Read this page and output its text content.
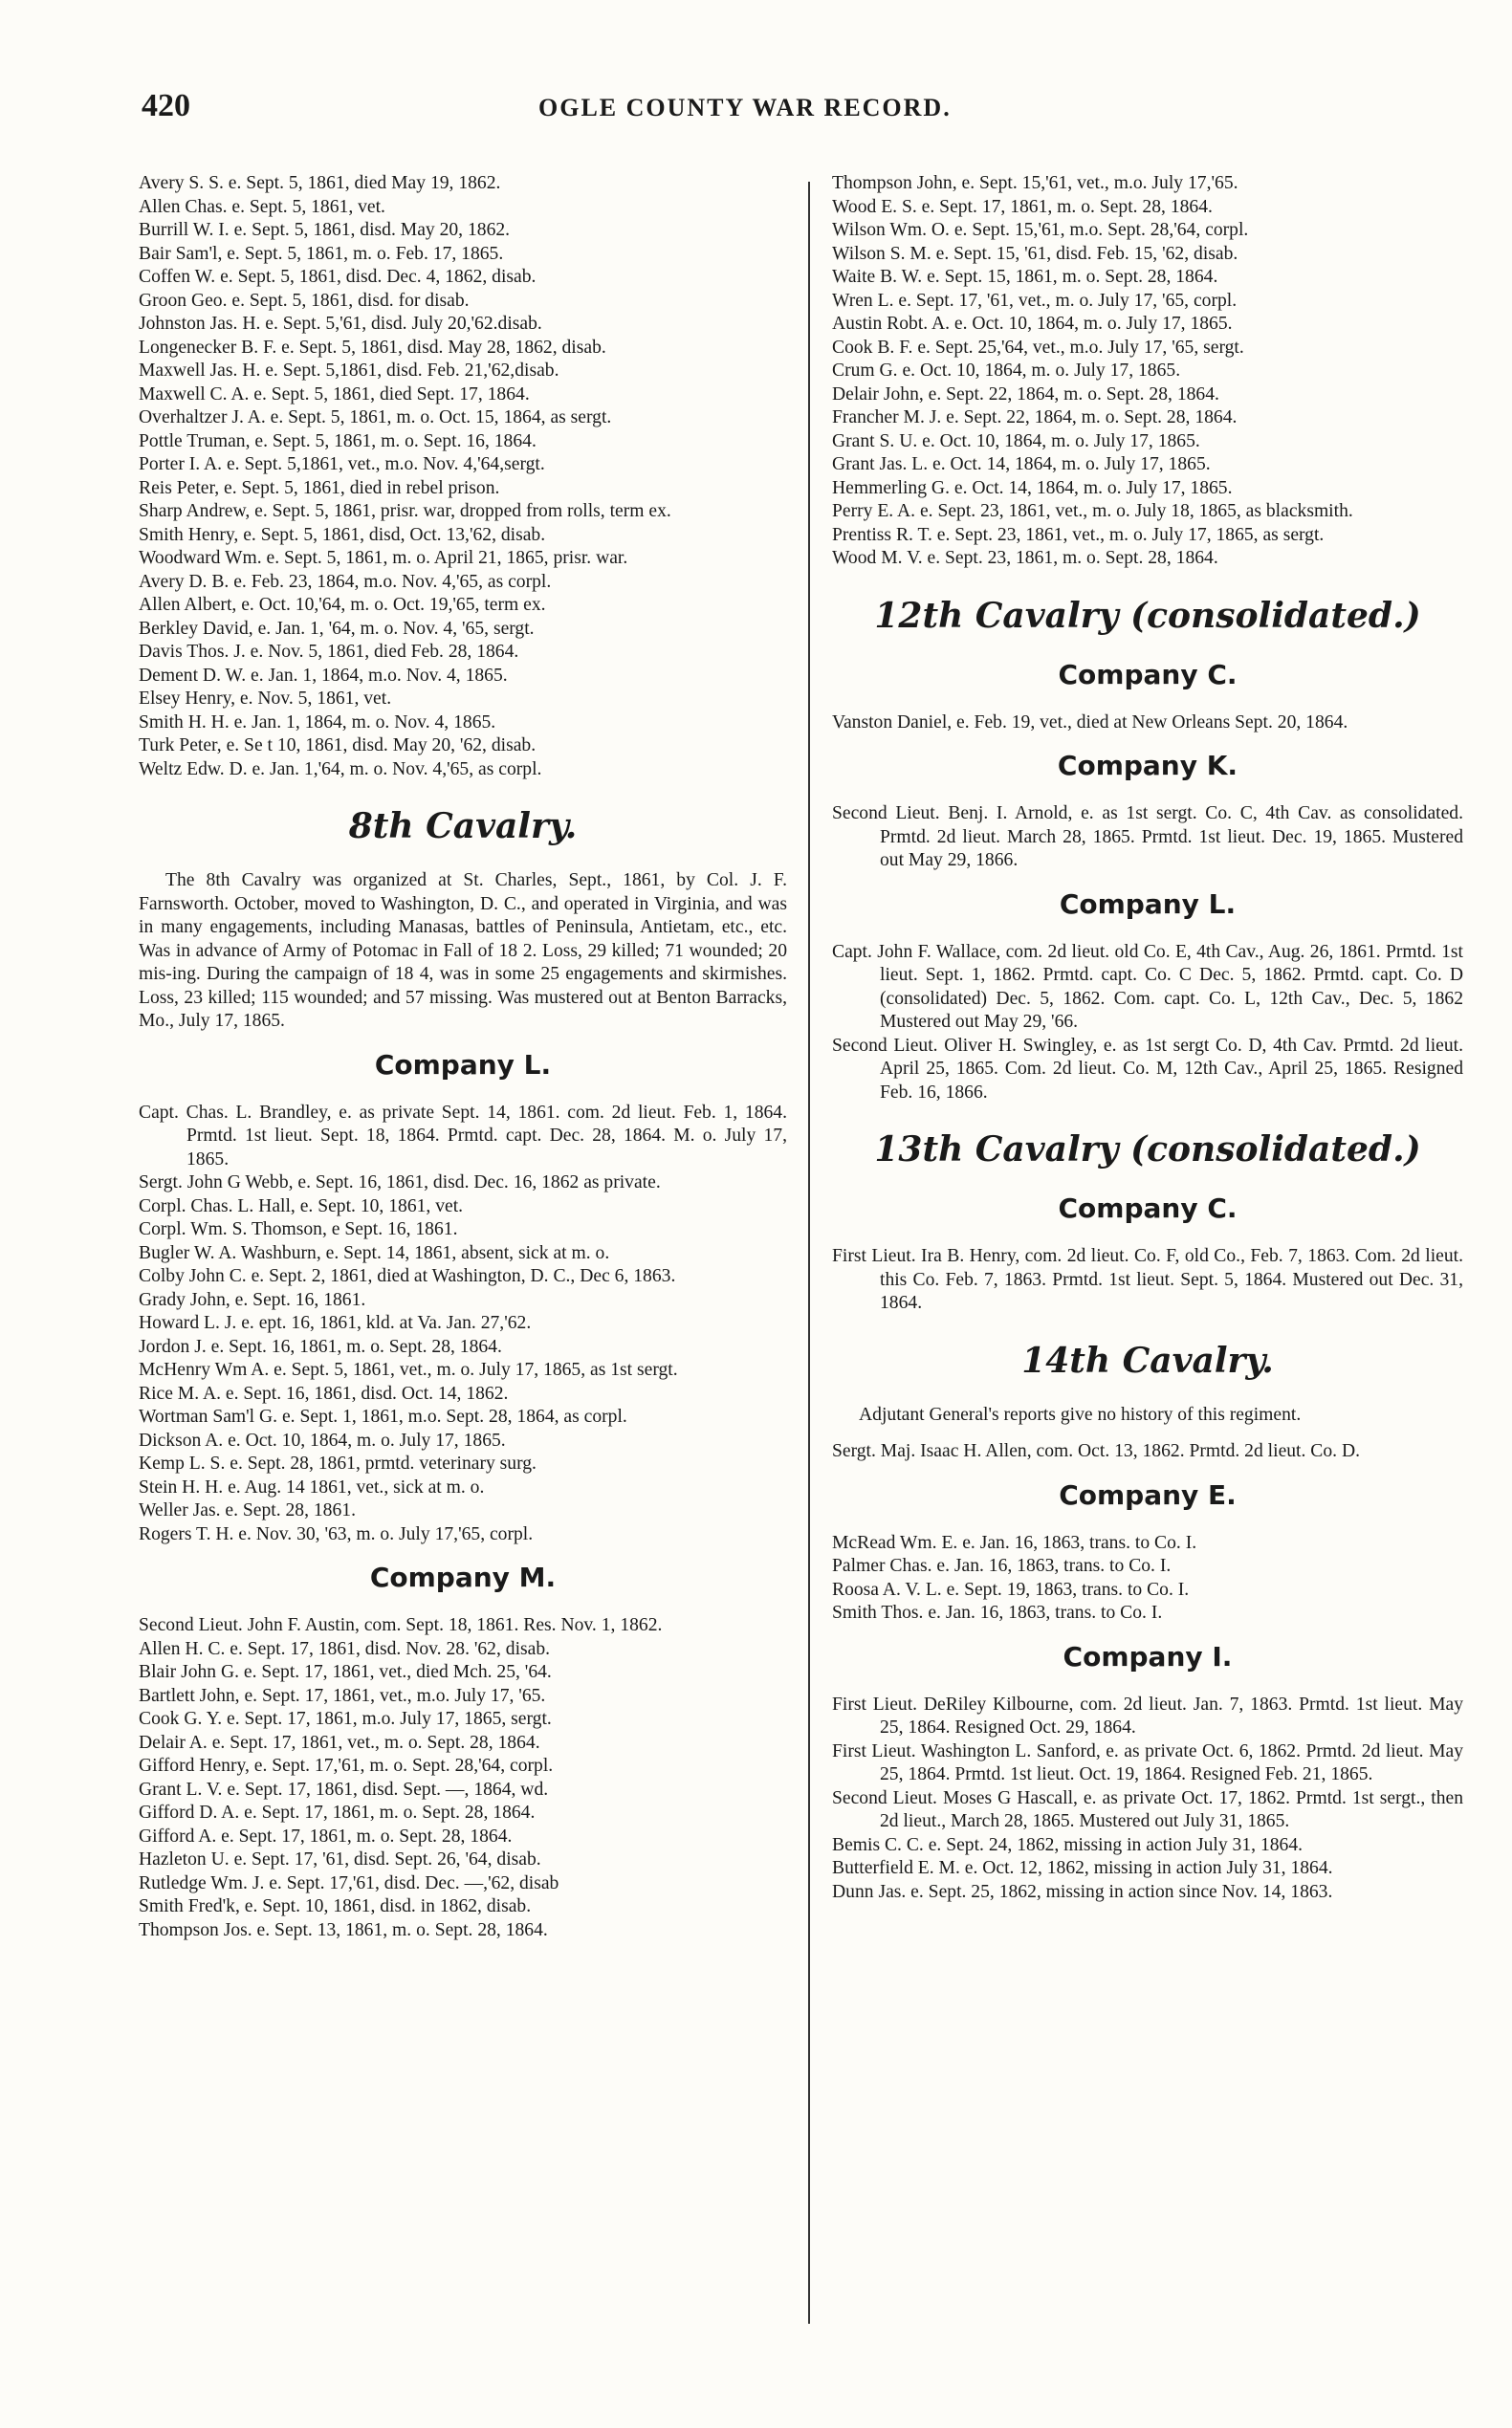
420	OGLE COUNTY WAR RECORD.
Avery S. S. e. Sept. 5, 1861, died May 19, 1862.
Allen Chas. e. Sept. 5, 1861, vet.
Burrill W. I. e. Sept. 5, 1861, disd. May 20, 1862.
Bair Sam'l, e. Sept. 5, 1861, m. o. Feb. 17, 1865.
Coffen W. e. Sept. 5, 1861, disd. Dec. 4, 1862, disab.
Groon Geo. e. Sept. 5, 1861, disd. for disab.
Johnston Jas. H. e. Sept. 5,'61, disd. July 20,'62.disab.
Longenecker B. F. e. Sept. 5, 1861, disd. May 28, 1862, disab.
Maxwell Jas. H. e. Sept. 5,1861, disd. Feb. 21,'62,disab.
Maxwell C. A. e. Sept. 5, 1861, died Sept. 17, 1864.
Overhaltzer J. A. e. Sept. 5, 1861, m. o. Oct. 15, 1864, as sergt.
Pottle Truman, e. Sept. 5, 1861, m. o. Sept. 16, 1864.
Porter I. A. e. Sept. 5,1861, vet., m.o. Nov. 4,'64,sergt.
Reis Peter, e. Sept. 5, 1861, died in rebel prison.
Sharp Andrew, e. Sept. 5, 1861, prisr. war, dropped from rolls, term ex.
Smith Henry, e. Sept. 5, 1861, disd, Oct. 13,'62, disab.
Woodward Wm. e. Sept. 5, 1861, m. o. April 21, 1865, prisr. war.
Avery D. B. e. Feb. 23, 1864, m.o. Nov. 4,'65, as corpl.
Allen Albert, e. Oct. 10,'64, m. o. Oct. 19,'65, term ex.
Berkley David, e. Jan. 1, '64, m. o. Nov. 4, '65, sergt.
Davis Thos. J. e. Nov. 5, 1861, died Feb. 28, 1864.
Dement D. W. e. Jan. 1, 1864, m.o. Nov. 4, 1865.
Elsey Henry, e. Nov. 5, 1861, vet.
Smith H. H. e. Jan. 1, 1864, m. o. Nov. 4, 1865.
Turk Peter, e. Se t 10, 1861, disd. May 20, '62, disab.
Weltz Edw. D. e. Jan. 1,'64, m. o. Nov. 4,'65, as corpl.
8th Cavalry.

The 8th Cavalry was organized at St. Charles, Sept., 1861, by Col. J. F. Farnsworth. October, moved to Washington, D. C., and operated in Virginia, and was in many engagements, including Manasas, battles of Peninsula, Antietam, etc., etc. Was in advance of Army of Potomac in Fall of 18 2. Loss, 29 killed; 71 wounded; 20 mis-ing. During the campaign of 18 4, was in some 25 engagements and skirmishes. Loss, 23 killed; 115 wounded; and 57 missing. Was mustered out at Benton Barracks, Mo., July 17, 1865.

Company L.
Capt. Chas. L. Brandley, e. as private Sept. 14, 1861. com. 2d lieut. Feb. 1, 1864. Prmtd. 1st lieut. Sept. 18, 1864. Prmtd. capt. Dec. 28, 1864. M. o. July 17, 1865.
Sergt. John G Webb, e. Sept. 16, 1861, disd. Dec. 16, 1862 as private.
Corpl. Chas. L. Hall, e. Sept. 10, 1861, vet.
Corpl. Wm. S. Thomson, e Sept. 16, 1861.
Bugler W. A. Washburn, e. Sept. 14, 1861, absent, sick at m. o.
Colby John C. e. Sept. 2, 1861, died at Washington, D. C., Dec 6, 1863.
Grady John, e. Sept. 16, 1861.
Howard L. J. e. ept. 16, 1861, kld. at Va. Jan. 27,'62.
Jordon J. e. Sept. 16, 1861, m. o. Sept. 28, 1864.
McHenry Wm A. e. Sept. 5, 1861, vet., m. o. July 17, 1865, as 1st sergt.
Rice M. A. e. Sept. 16, 1861, disd. Oct. 14, 1862.
Wortman Sam'l G. e. Sept. 1, 1861, m.o. Sept. 28, 1864, as corpl.
Dickson A. e. Oct. 10, 1864, m. o. July 17, 1865.
Kemp L. S. e. Sept. 28, 1861, prmtd. veterinary surg.
Stein H. H. e. Aug. 14 1861, vet., sick at m. o.
Weller Jas. e. Sept. 28, 1861.
Rogers T. H. e. Nov. 30, '63, m. o. July 17,'65, corpl.
Company M.
Second Lieut. John F. Austin, com. Sept. 18, 1861. Res. Nov. 1, 1862.
Allen H. C. e. Sept. 17, 1861, disd. Nov. 28. '62, disab.
Blair John G. e. Sept. 17, 1861, vet., died Mch. 25, '64.
Bartlett John, e. Sept. 17, 1861, vet., m.o. July 17, '65.
Cook G. Y. e. Sept. 17, 1861, m.o. July 17, 1865, sergt.
Delair A. e. Sept. 17, 1861, vet., m. o. Sept. 28, 1864.
Gifford Henry, e. Sept. 17,'61, m. o. Sept. 28,'64, corpl.
Grant L. V. e. Sept. 17, 1861, disd. Sept. —, 1864, wd.
Gifford D. A. e. Sept. 17, 1861, m. o. Sept. 28, 1864.
Gifford A. e. Sept. 17, 1861, m. o. Sept. 28, 1864.
Hazleton U. e. Sept. 17, '61, disd. Sept. 26, '64, disab.
Rutledge Wm. J. e. Sept. 17,'61, disd. Dec. —,'62, disab
Smith Fred'k, e. Sept. 10, 1861, disd. in 1862, disab.
Thompson Jos. e. Sept. 13, 1861, m. o. Sept. 28, 1864.
Thompson John, e. Sept. 15,'61, vet., m.o. July 17,'65.
Wood E. S. e. Sept. 17, 1861, m. o. Sept. 28, 1864.
Wilson Wm. O. e. Sept. 15,'61, m.o. Sept. 28,'64, corpl.
Wilson S. M. e. Sept. 15, '61, disd. Feb. 15, '62, disab.
Waite B. W. e. Sept. 15, 1861, m. o. Sept. 28, 1864.
Wren L. e. Sept. 17, '61, vet., m. o. July 17, '65, corpl.
Austin Robt. A. e. Oct. 10, 1864, m. o. July 17, 1865.
Cook B. F. e. Sept. 25,'64, vet., m.o. July 17, '65, sergt.
Crum G. e. Oct. 10, 1864, m. o. July 17, 1865.
Delair John, e. Sept. 22, 1864, m. o. Sept. 28, 1864.
Francher M. J. e. Sept. 22, 1864, m. o. Sept. 28, 1864.
Grant S. U. e. Oct. 10, 1864, m. o. July 17, 1865.
Grant Jas. L. e. Oct. 14, 1864, m. o. July 17, 1865.
Hemmerling G. e. Oct. 14, 1864, m. o. July 17, 1865.
Perry E. A. e. Sept. 23, 1861, vet., m. o. July 18, 1865, as blacksmith.
Prentiss R. T. e. Sept. 23, 1861, vet., m. o. July 17, 1865, as sergt.
Wood M. V. e. Sept. 23, 1861, m. o. Sept. 28, 1864.
12th Cavalry (consolidated.)
Company C.
Vanston Daniel, e. Feb. 19, vet., died at New Orleans Sept. 20, 1864.
Company K.
Second Lieut. Benj. I. Arnold, e. as 1st sergt. Co. C, 4th Cav. as consolidated. Prmtd. 2d lieut. March 28, 1865. Prmtd. 1st lieut. Dec. 19, 1865. Mustered out May 29, 1866.
Company L.
Capt. John F. Wallace, com. 2d lieut. old Co. E, 4th Cav., Aug. 26, 1861. Prmtd. 1st lieut. Sept. 1, 1862. Prmtd. capt. Co. C Dec. 5, 1862. Prmtd. capt. Co. D (consolidated) Dec. 5, 1862. Com. capt. Co. L, 12th Cav., Dec. 5, 1862 Mustered out May 29, '66.
Second Lieut. Oliver H. Swingley, e. as 1st sergt Co. D, 4th Cav. Prmtd. 2d lieut. April 25, 1865. Com. 2d lieut. Co. M, 12th Cav., April 25, 1865. Resigned Feb. 16, 1866.
13th Cavalry (consolidated.)
Company C.
First Lieut. Ira B. Henry, com. 2d lieut. Co. F, old Co., Feb. 7, 1863. Com. 2d lieut. this Co. Feb. 7, 1863. Prmtd. 1st lieut. Sept. 5, 1864. Mustered out Dec. 31, 1864.
14th Cavalry.

Adjutant General's reports give no history of this regiment.

Sergt. Maj. Isaac H. Allen, com. Oct. 13, 1862. Prmtd. 2d lieut. Co. D.
Company E.
McRead Wm. E. e. Jan. 16, 1863, trans. to Co. I.
Palmer Chas. e. Jan. 16, 1863, trans. to Co. I.
Roosa A. V. L. e. Sept. 19, 1863, trans. to Co. I.
Smith Thos. e. Jan. 16, 1863, trans. to Co. I.
Company I.
First Lieut. DeRiley Kilbourne, com. 2d lieut. Jan. 7, 1863. Prmtd. 1st lieut. May 25, 1864. Resigned Oct. 29, 1864.
First Lieut. Washington L. Sanford, e. as private Oct. 6, 1862. Prmtd. 2d lieut. May 25, 1864. Prmtd. 1st lieut. Oct. 19, 1864. Resigned Feb. 21, 1865.
Second Lieut. Moses G Hascall, e. as private Oct. 17, 1862. Prmtd. 1st sergt., then 2d lieut., March 28, 1865. Mustered out July 31, 1865.
Bemis C. C. e. Sept. 24, 1862, missing in action July 31, 1864.
Butterfield E. M. e. Oct. 12, 1862, missing in action July 31, 1864.
Dunn Jas. e. Sept. 25, 1862, missing in action since Nov. 14, 1863.
